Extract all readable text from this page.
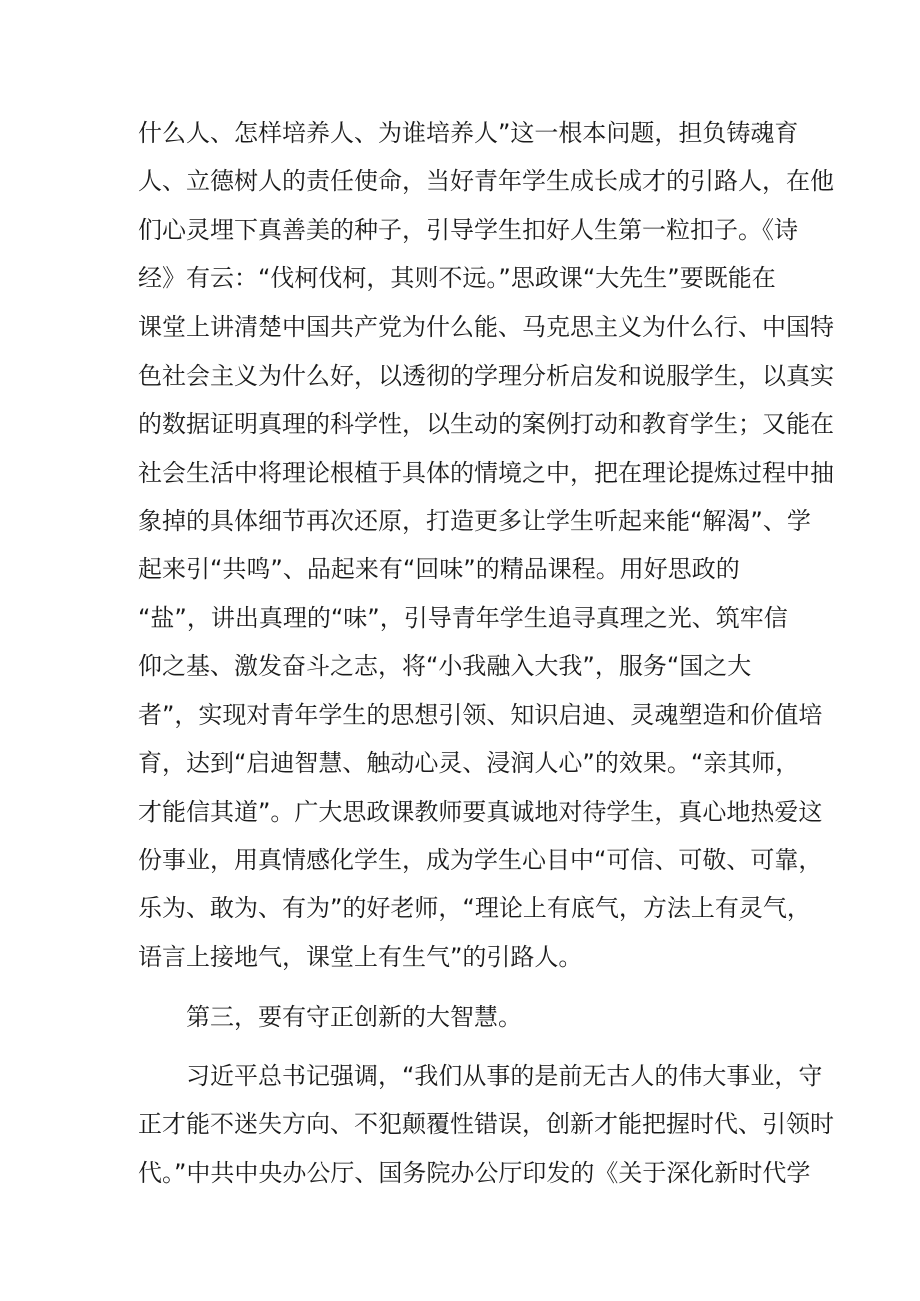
什么人、怎样培养人、为谁培养人”这一根本问题，担负铸魂育
人、立德树人的责任使命，当好青年学生成长成才的引路人，在他
们心灵埋下真善美的种子，引导学生扣好人生第一粒扣子。《诗
经》有云：“伐柯伐柯，其则不远。”思政课“大先生”要既能在
课堂上讲清楚中国共产党为什么能、马克思主义为什么行、中国特
色社会主义为什么好，以透彻的学理分析启发和说服学生，以真实
的数据证明真理的科学性，以生动的案例打动和教育学生；又能在
社会生活中将理论根植于具体的情境之中，把在理论提炼过程中抽
象掉的具体细节再次还原，打造更多让学生听起来能“解渴”、学
起来引“共鸣”、品起来有“回味”的精品课程。用好思政的
“盐”，讲出真理的“味”，引导青年学生追寻真理之光、筑牢信
仰之基、激发奋斗之志，将“小我融入大我”，服务“国之大
者”，实现对青年学生的思想引领、知识启迪、灵魂塑造和价值培
育，达到“启迪智慧、触动心灵、浸润人心”的效果。“亲其师，
才能信其道”。广大思政课教师要真诚地对待学生，真心地热爱这
份事业，用真情感化学生，成为学生心目中“可信、可敬、可靠，
乐为、敢为、有为”的好老师，“理论上有底气，方法上有灵气，
语言上接地气，课堂上有生气”的引路人。
第三，要有守正创新的大智慧。
习近平总书记强调，“我们从事的是前无古人的伟大事业，守
正才能不迷失方向、不犯颠覆性错误，创新才能把握时代、引领时
代。”中共中央办公厅、国务院办公厅印发的《关于深化新时代学
